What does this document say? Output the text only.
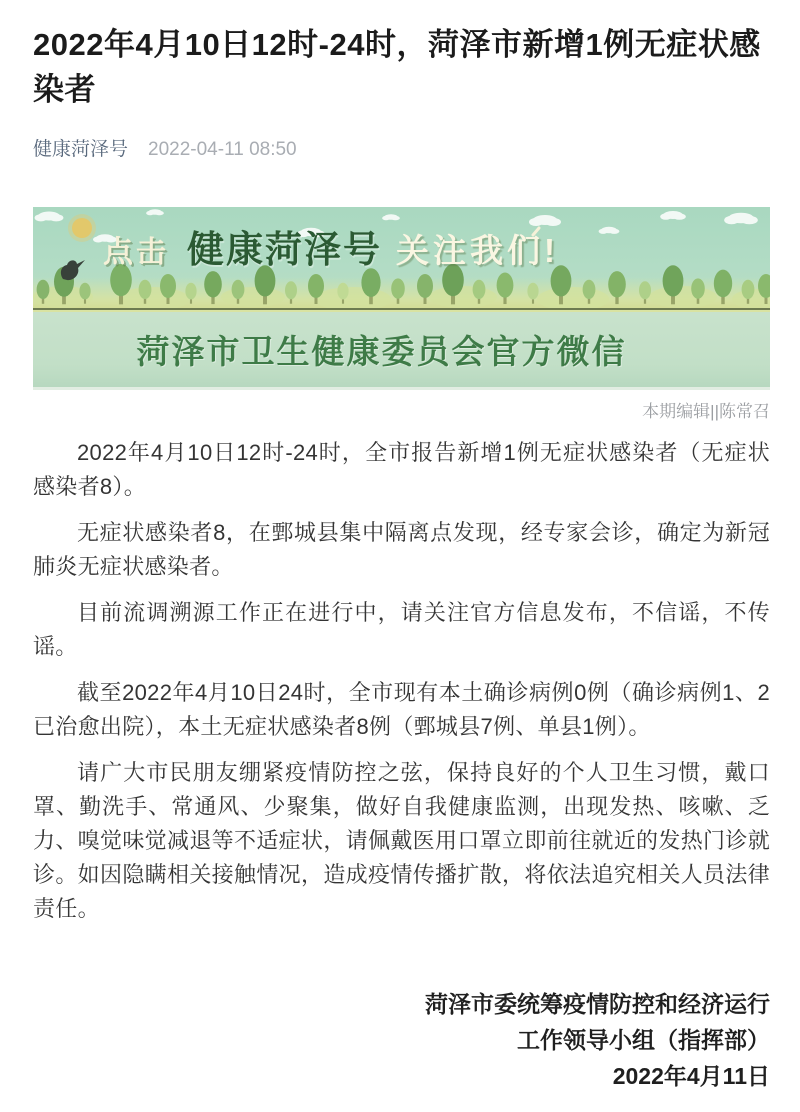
2022年4月10日12时-24时，菏泽市新增1例无症状感染者
健康菏泽号 2022-04-11 08:50
点击 健康菏泽号 关注我们!
菏泽市卫生健康委员会官方微信
本期编辑||陈常召

2022年4月10日12时-24时，全市报告新增1例无症状感染者（无症状感染者8）。

无症状感染者8，在鄄城县集中隔离点发现，经专家会诊，确定为新冠肺炎无症状感染者。

目前流调溯源工作正在进行中，请关注官方信息发布，不信谣，不传谣。

截至2022年4月10日24时，全市现有本土确诊病例0例（确诊病例1、2已治愈出院），本土无症状感染者8例（鄄城县7例、单县1例）。

请广大市民朋友绷紧疫情防控之弦，保持良好的个人卫生习惯，戴口罩、勤洗手、常通风、少聚集，做好自我健康监测，出现发热、咳嗽、乏力、嗅觉味觉减退等不适症状，请佩戴医用口罩立即前往就近的发热门诊就诊。如因隐瞒相关接触情况，造成疫情传播扩散，将依法追究相关人员法律责任。

菏泽市委统筹疫情防控和经济运行

工作领导小组（指挥部）

2022年4月11日
